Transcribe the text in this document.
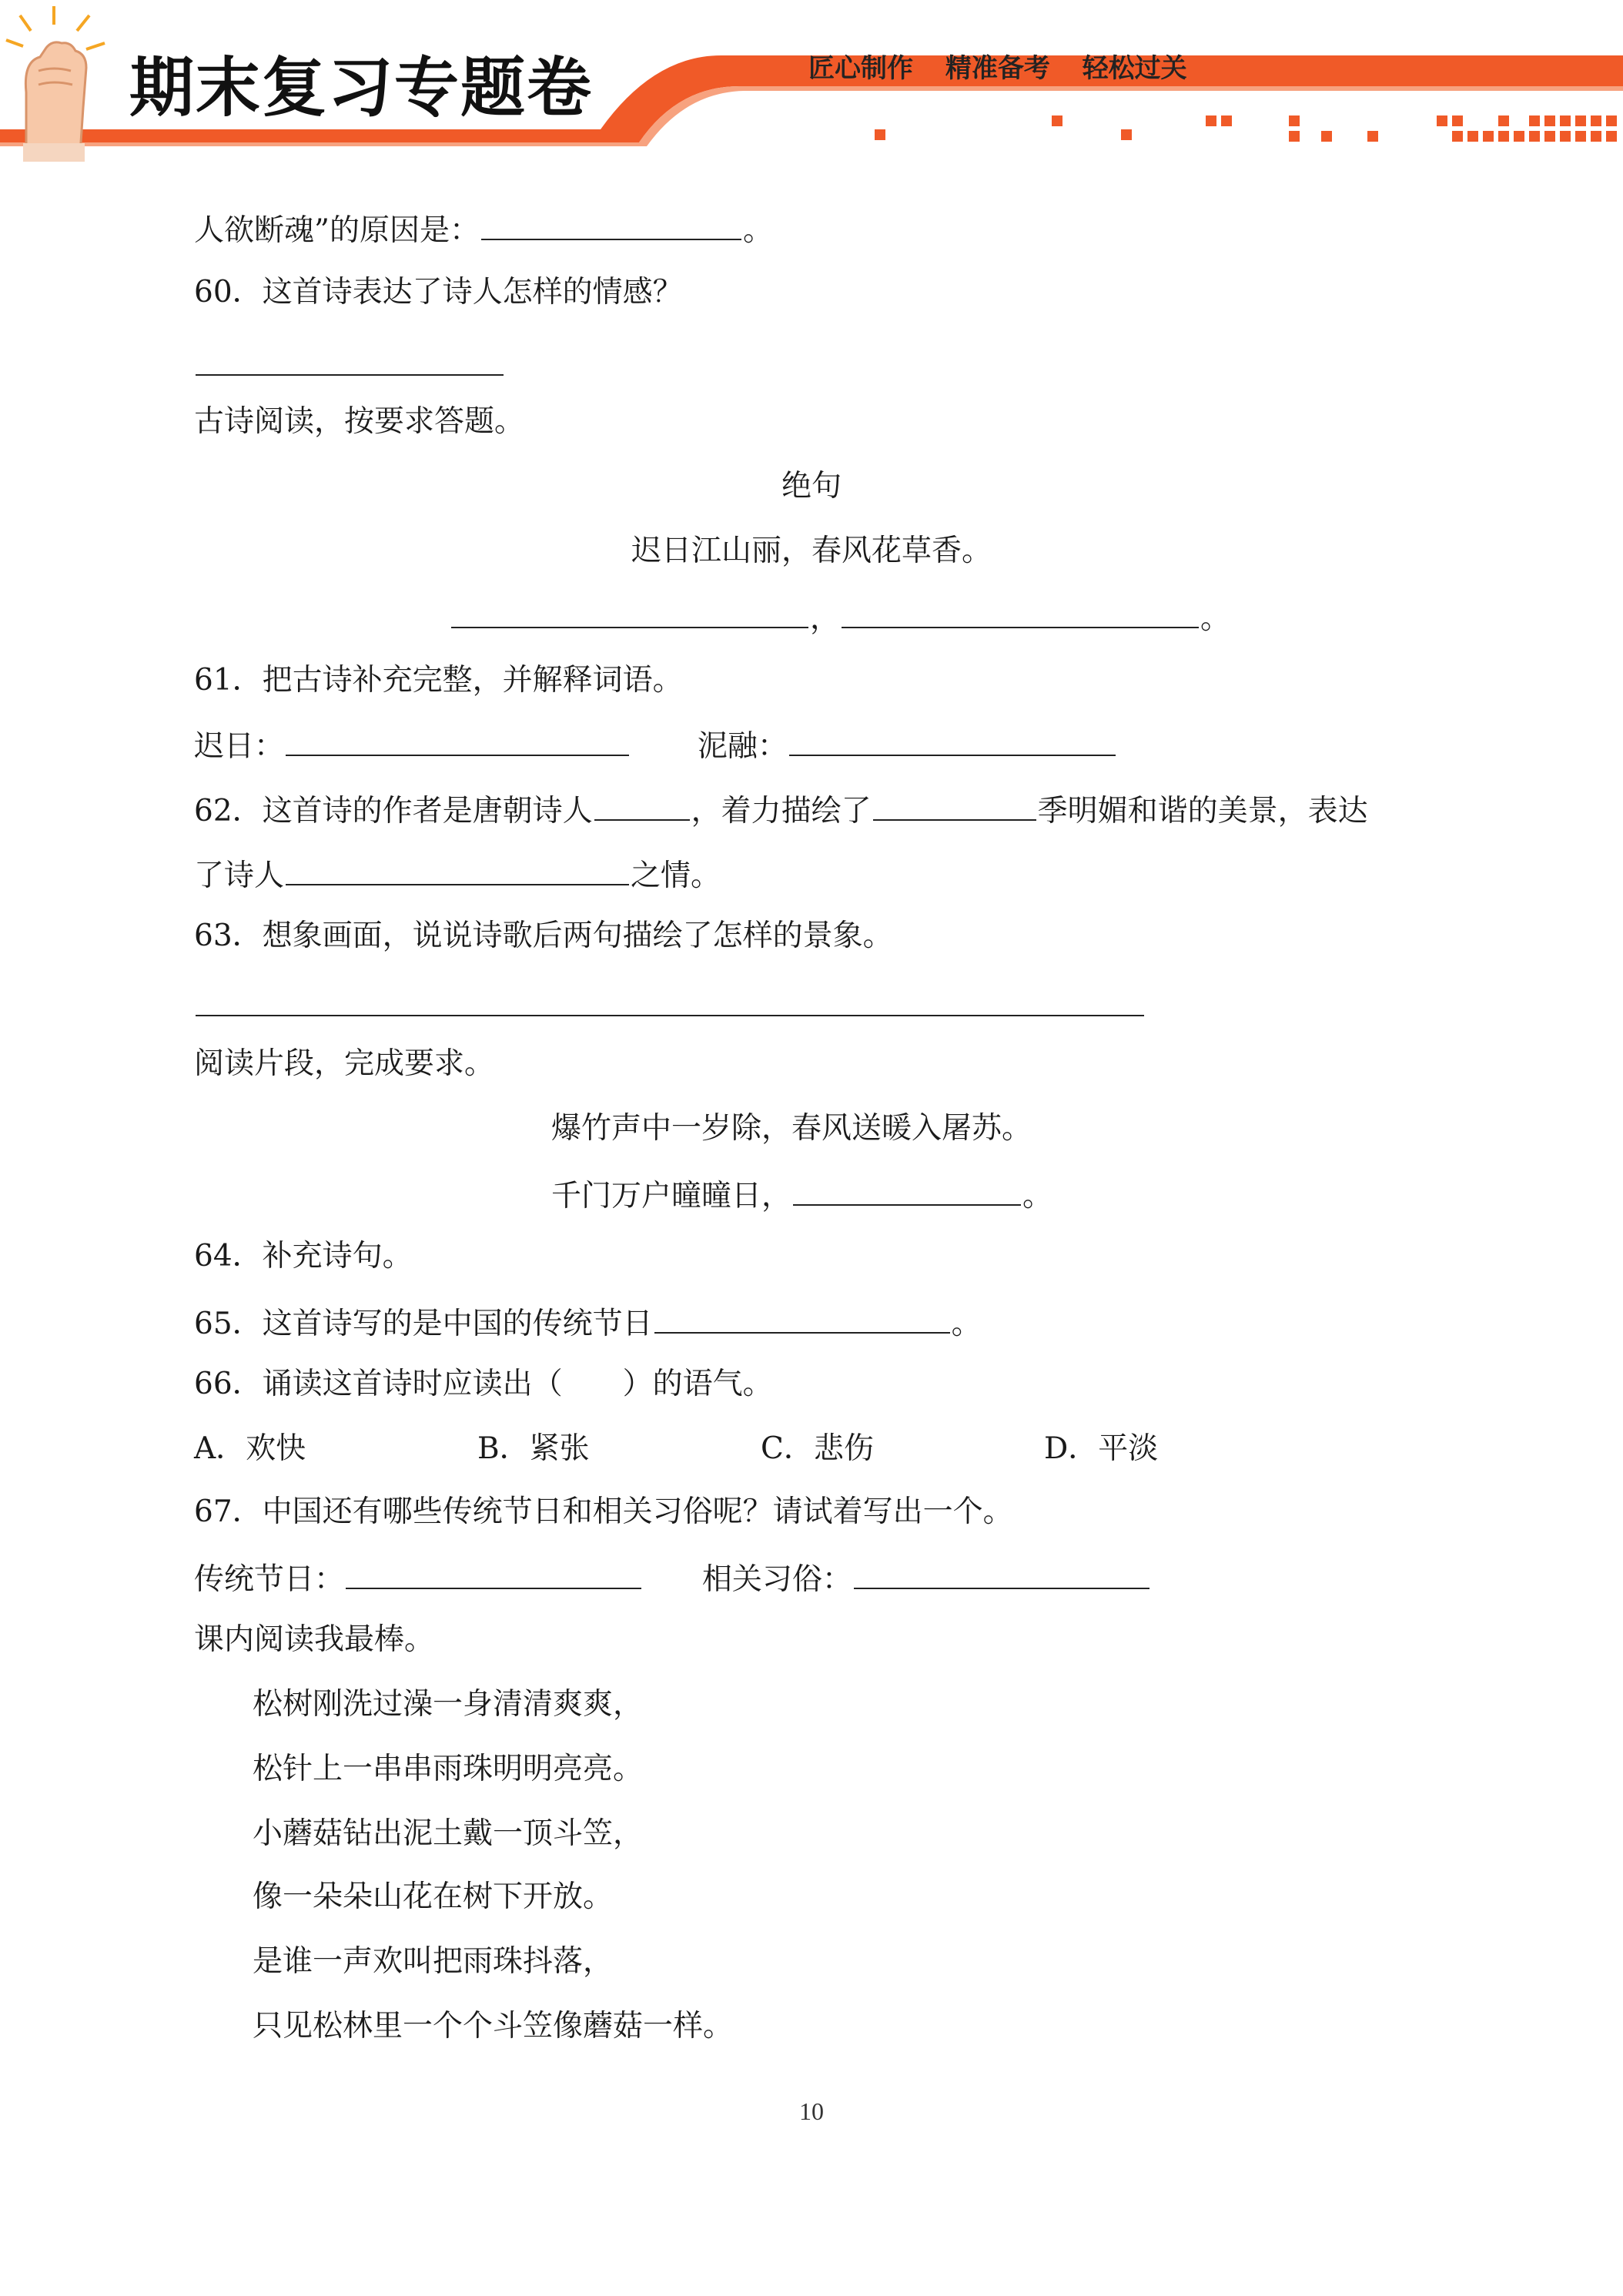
期末复习专题卷	匠心制作 精准备考 轻松过关
人欲断魂”的原因是：	。
60．这首诗表达了诗人怎样的情感？
古诗阅读，按要求答题。
绝句
迟日江山丽，春风花草香。
，	。
61．把古诗补充完整，并解释词语。
迟日：	泥融：
62．这首诗的作者是唐朝诗人	，着力描绘了	季明媚和谐的美景，表达
了诗人	之情。
63．想象画面，说说诗歌后两句描绘了怎样的景象。
阅读片段，完成要求。
爆竹声中一岁除，春风送暖入屠苏。
千门万户曈曈日，	。
64．补充诗句。
65．这首诗写的是中国的传统节日	。
66．诵读这首诗时应读出（　　）的语气。
A．欢快	B．紧张	C．悲伤	D．平淡
67．中国还有哪些传统节日和相关习俗呢？请试着写出一个。
传统节日：	相关习俗：
课内阅读我最棒。
松树刚洗过澡一身清清爽爽，
松针上一串串雨珠明明亮亮。
小蘑菇钻出泥土戴一顶斗笠，
像一朵朵山花在树下开放。
是谁一声欢叫把雨珠抖落，
只见松林里一个个斗笠像蘑菇一样。
10
